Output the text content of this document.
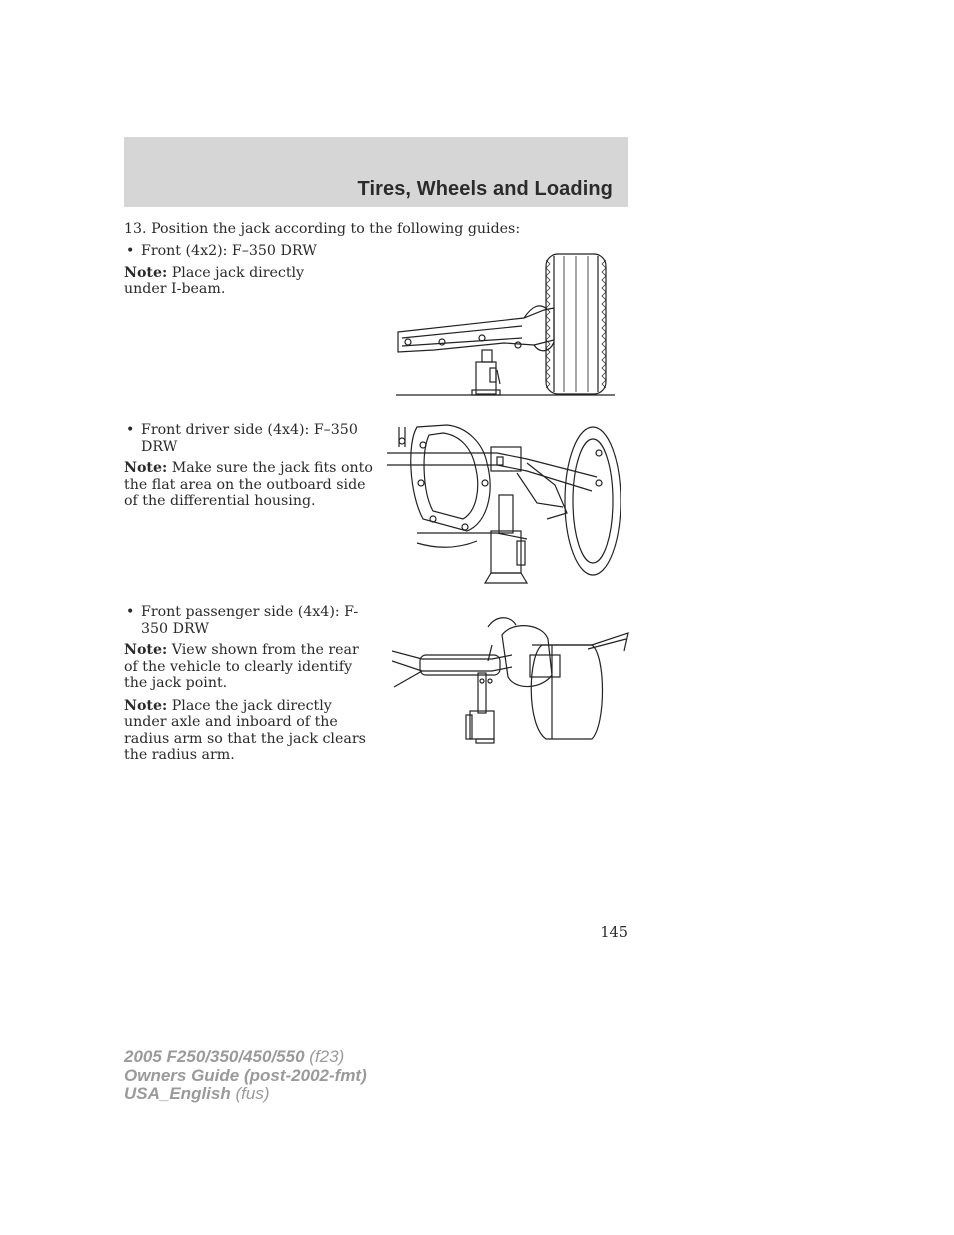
Tires, Wheels and Loading
13. Position the jack according to the following guides:
• Front (4x2): F–350 DRW
Note: Place jack directly under I-beam.
• Front driver side (4x4): F–350 DRW
Note: Make sure the jack fits onto the flat area on the outboard side of the differential housing.
• Front passenger side (4x4): F-350 DRW
Note: View shown from the rear of the vehicle to clearly identify the jack point.
Note: Place the jack directly under axle and inboard of the radius arm so that the jack clears the radius arm.
145
2005 F250/350/450/550 (f23)
Owners Guide (post-2002-fmt)
USA_English (fus)
